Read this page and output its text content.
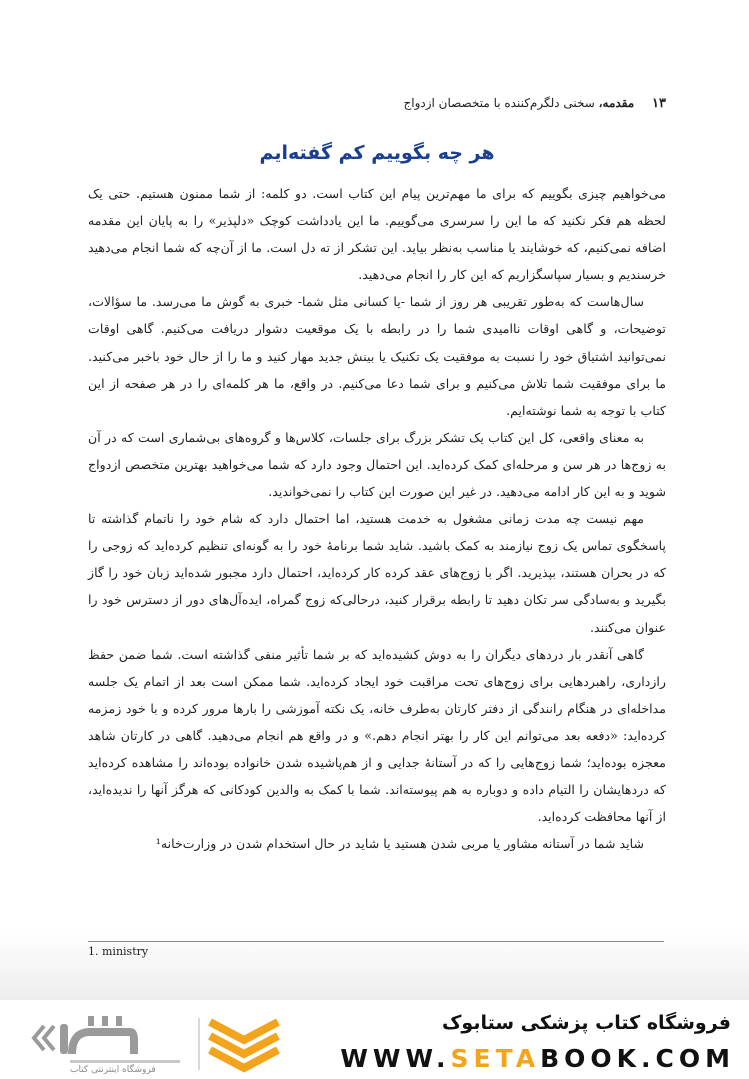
۱۳ مقدمه، سخنی دلگرم‌کننده با متخصصان ازدواج
هر چه بگوییم کم گفته‌ایم

می‌خواهیم چیزی بگوییم که برای ما مهم‌ترین پیام این کتاب است. دو کلمه: از شما ممنون هستیم. حتی یک لحظه هم فکر نکنید که ما این را سرسری می‌گوییم. ما این یادداشت کوچک «دلپذیر» را به پایان این مقدمه اضافه نمی‌کنیم، که خوشایند یا مناسب به‌نظر بیاید. این تشکر از ته دل است. ما از آن‌چه که شما انجام می‌دهید خرسندیم و بسیار سپاسگزاریم که این کار را انجام می‌دهید.

سال‌هاست که به‌طور تقریبی هر روز از شما -یا کسانی مثل شما- خبری به گوش ما می‌رسد. ما سؤالات، توضیحات، و گاهی اوقات ناامیدی شما را در رابطه با یک موقعیت دشوار دریافت می‌کنیم. گاهی اوقات نمی‌توانید اشتیاق خود را نسبت به موفقیت یک تکنیک یا بینش جدید مهار کنید و ما را از حال خود باخبر می‌کنید. ما برای موفقیت شما تلاش می‌کنیم و برای شما دعا می‌کنیم. در واقع، ما هر کلمه‌ای را در هر صفحه از این کتاب با توجه به شما نوشته‌ایم.

به معنای واقعی، کل این کتاب یک تشکر بزرگ برای جلسات، کلاس‌ها و گروه‌های بی‌شماری است که در آن به زوج‌ها در هر سن و مرحله‌ای کمک کرده‌اید. این احتمال وجود دارد که شما می‌خواهید بهترین متخصص ازدواج شوید و به این کار ادامه می‌دهید. در غیر این صورت این کتاب را نمی‌خواندید.

مهم نیست چه مدت زمانی مشغول به خدمت هستید، اما احتمال دارد که شام خود را ناتمام گذاشته تا پاسخگوی تماس یک زوج نیازمند به کمک باشید. شاید شما برنامهٔ خود را به گونه‌ای تنظیم کرده‌اید که زوجی را که در بحران هستند، بپذیرید. اگر با زوج‌های عقد کرده کار کرده‌اید، احتمال دارد مجبور شده‌اید زبان خود را گاز بگیرید و به‌سادگی سر تکان دهید تا رابطه برقرار کنید، درحالی‌که زوج گمراه، ایده‌آل‌های دور از دسترس خود را عنوان می‌کنند.

گاهی آنقدر بار دردهای دیگران را به دوش کشیده‌اید که بر شما تأثیر منفی گذاشته است. شما ضمن حفظ رازداری، راهبردهایی برای زوج‌های تحت مراقبت خود ایجاد کرده‌اید. شما ممکن است بعد از اتمام یک جلسه مداخله‌ای در هنگام رانندگی از دفتر کارتان به‌طرف خانه، یک نکته آموزشی را بارها مرور کرده و با خود زمزمه کرده‌اید: «دفعه بعد می‌توانم این کار را بهتر انجام دهم.» و در واقع هم انجام می‌دهید. گاهی در کارتان شاهد معجزه بوده‌اید؛ شما زوج‌هایی را که در آستانهٔ جدایی و از هم‌پاشیده شدن خانواده بوده‌اند را مشاهده کرده‌اید که دردهایشان را التیام داده و دوباره به هم پیوسته‌اند. شما با کمک به والدین کودکانی که هرگز آنها را ندیده‌اید، از آنها محافظت کرده‌اید.

شاید شما در آستانه مشاور یا مربی شدن هستید یا شاید در حال استخدام شدن در وزارت‌خانه¹

1. ministry
فروشگاه اینترنتی کتاب
فروشگاه کتاب پزشکی ستابوک
WWW.SETABOOK.COM
